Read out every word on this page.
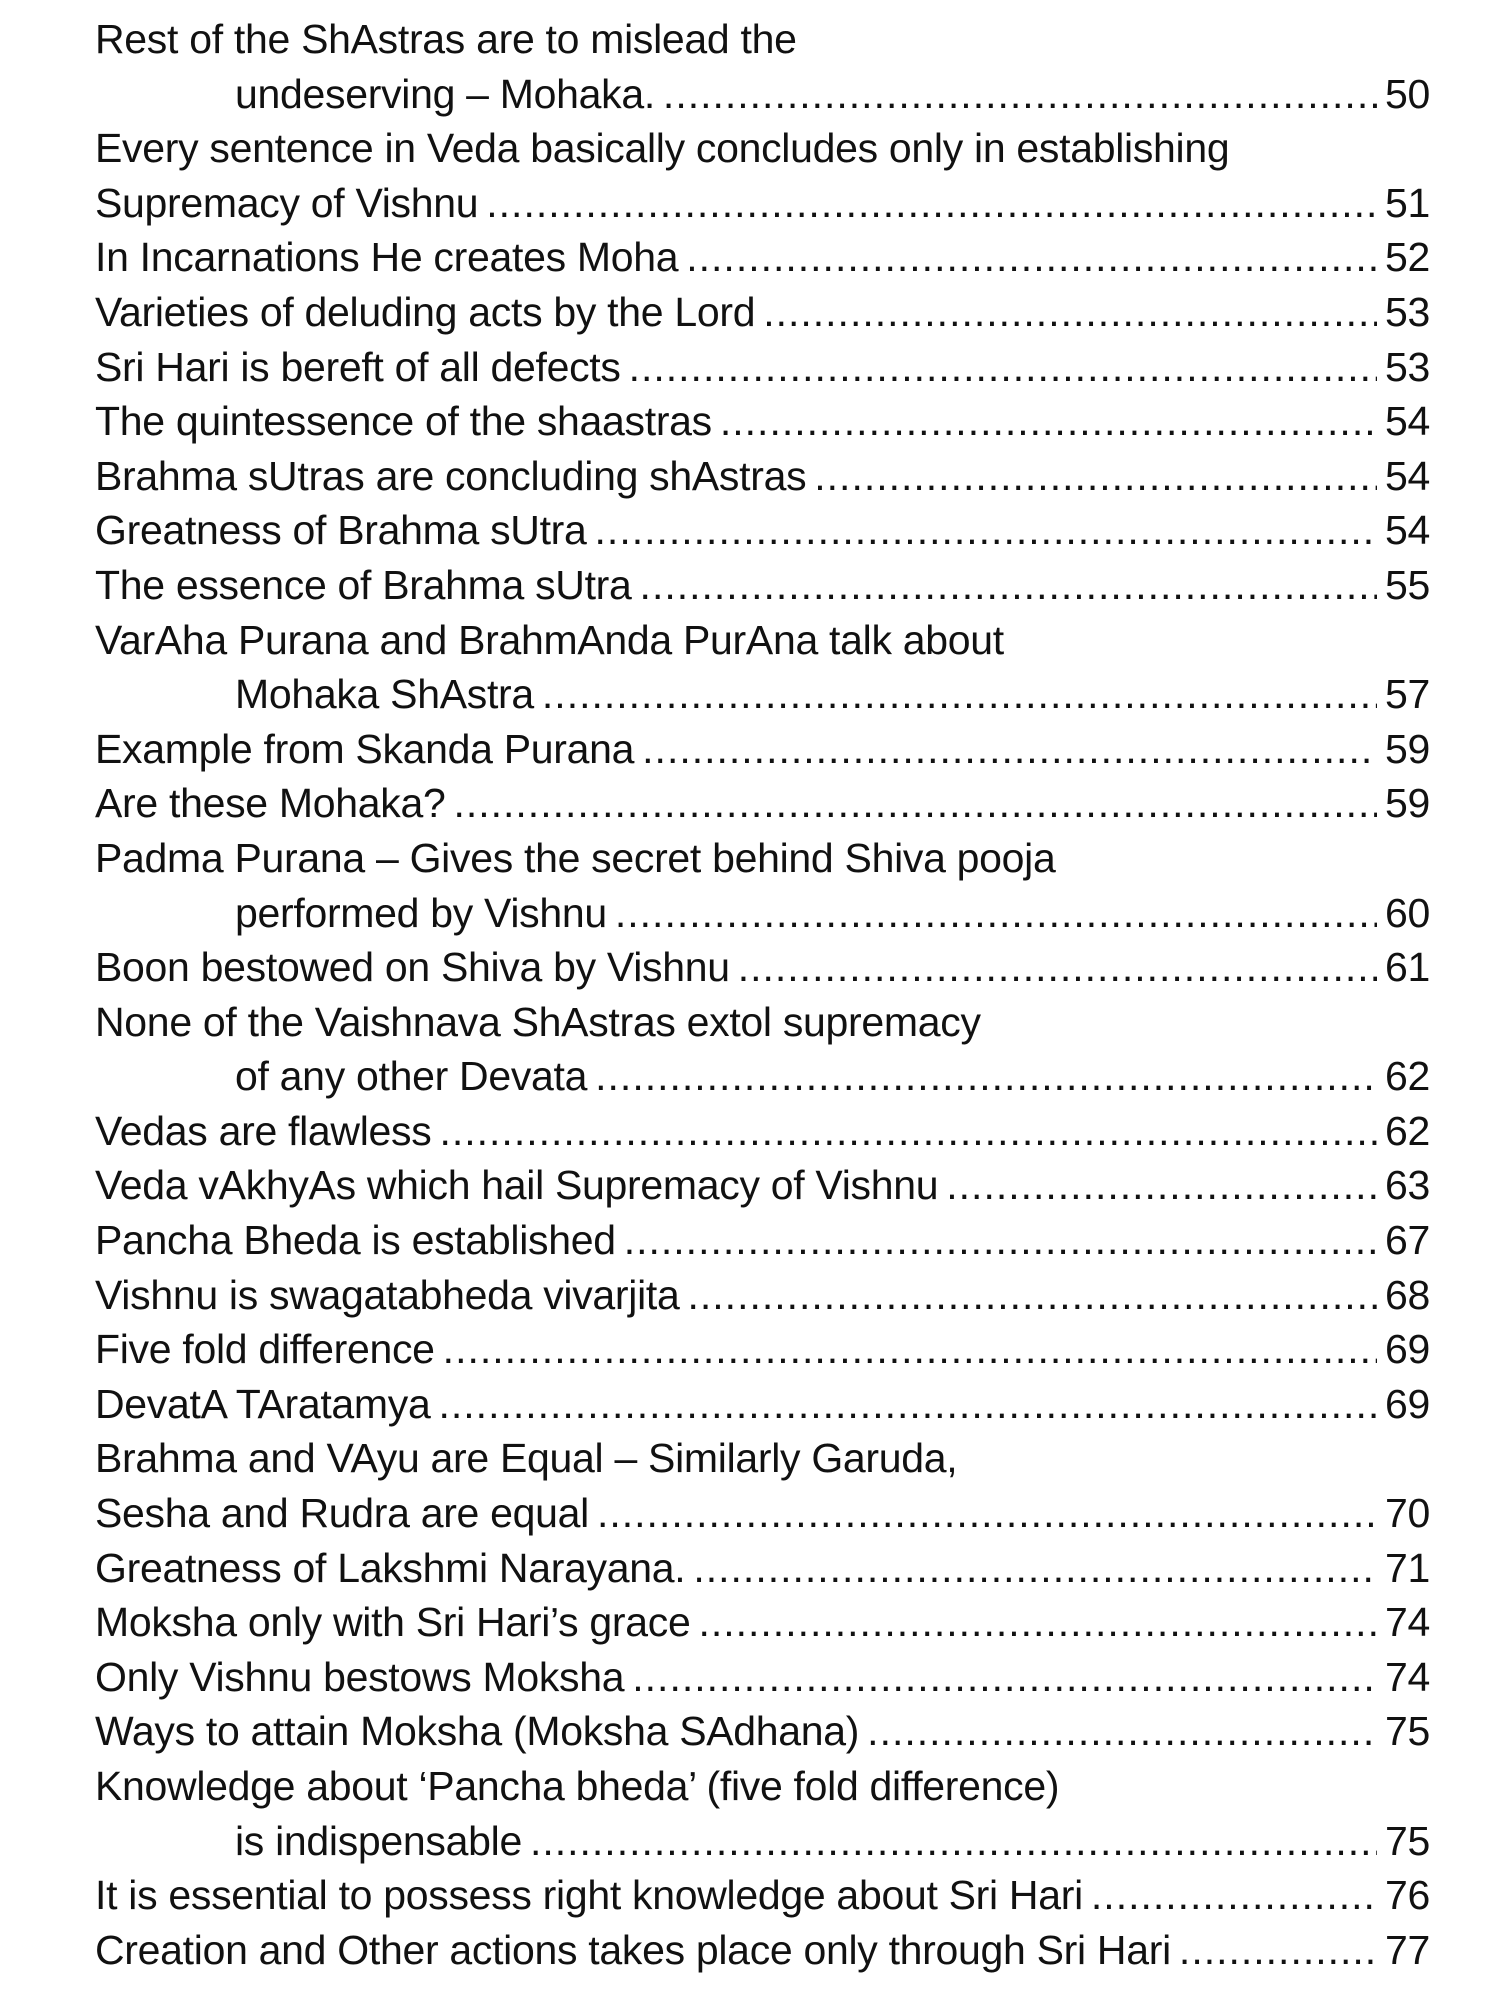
Rest of the ShAstras are to mislead the
undeserving – Mohaka. .....	50
Every sentence in Veda basically concludes only in establishing
Supremacy of Vishnu .....	51
In Incarnations He creates Moha .....	52
Varieties of deluding acts by the Lord .....	53
Sri Hari is bereft of all defects .....	53
The quintessence of the shaastras .....	54
Brahma sUtras are concluding shAstras .....	54
Greatness of Brahma sUtra .....	54
The essence of Brahma sUtra .....	55
VarAha Purana and BrahmAnda PurAna talk about
Mohaka ShAstra .....	57
Example from Skanda Purana .....	59
Are these Mohaka? .....	59
Padma Purana – Gives the secret behind Shiva pooja
performed by Vishnu .....	60
Boon bestowed on Shiva by Vishnu .....	61
None of the Vaishnava ShAstras extol supremacy
of any other Devata .....	62
Vedas are flawless .....	62
Veda vAkhyAs which hail Supremacy of Vishnu .....	63
Pancha Bheda is established .....	67
Vishnu is swagatabheda vivarjita .....	68
Five fold difference .....	69
DevatA TAratamya .....	69
Brahma and VAyu are Equal – Similarly Garuda,
Sesha and Rudra are equal .....	70
Greatness of Lakshmi Narayana. .....	71
Moksha only with Sri Hari’s grace .....	74
Only Vishnu bestows Moksha .....	74
Ways to attain Moksha (Moksha SAdhana) .....	75
Knowledge about ‘Pancha bheda’ (five fold difference)
is indispensable .....	75
It is essential to possess right knowledge about Sri Hari .....	76
Creation and Other actions takes place only through Sri Hari .....	77
